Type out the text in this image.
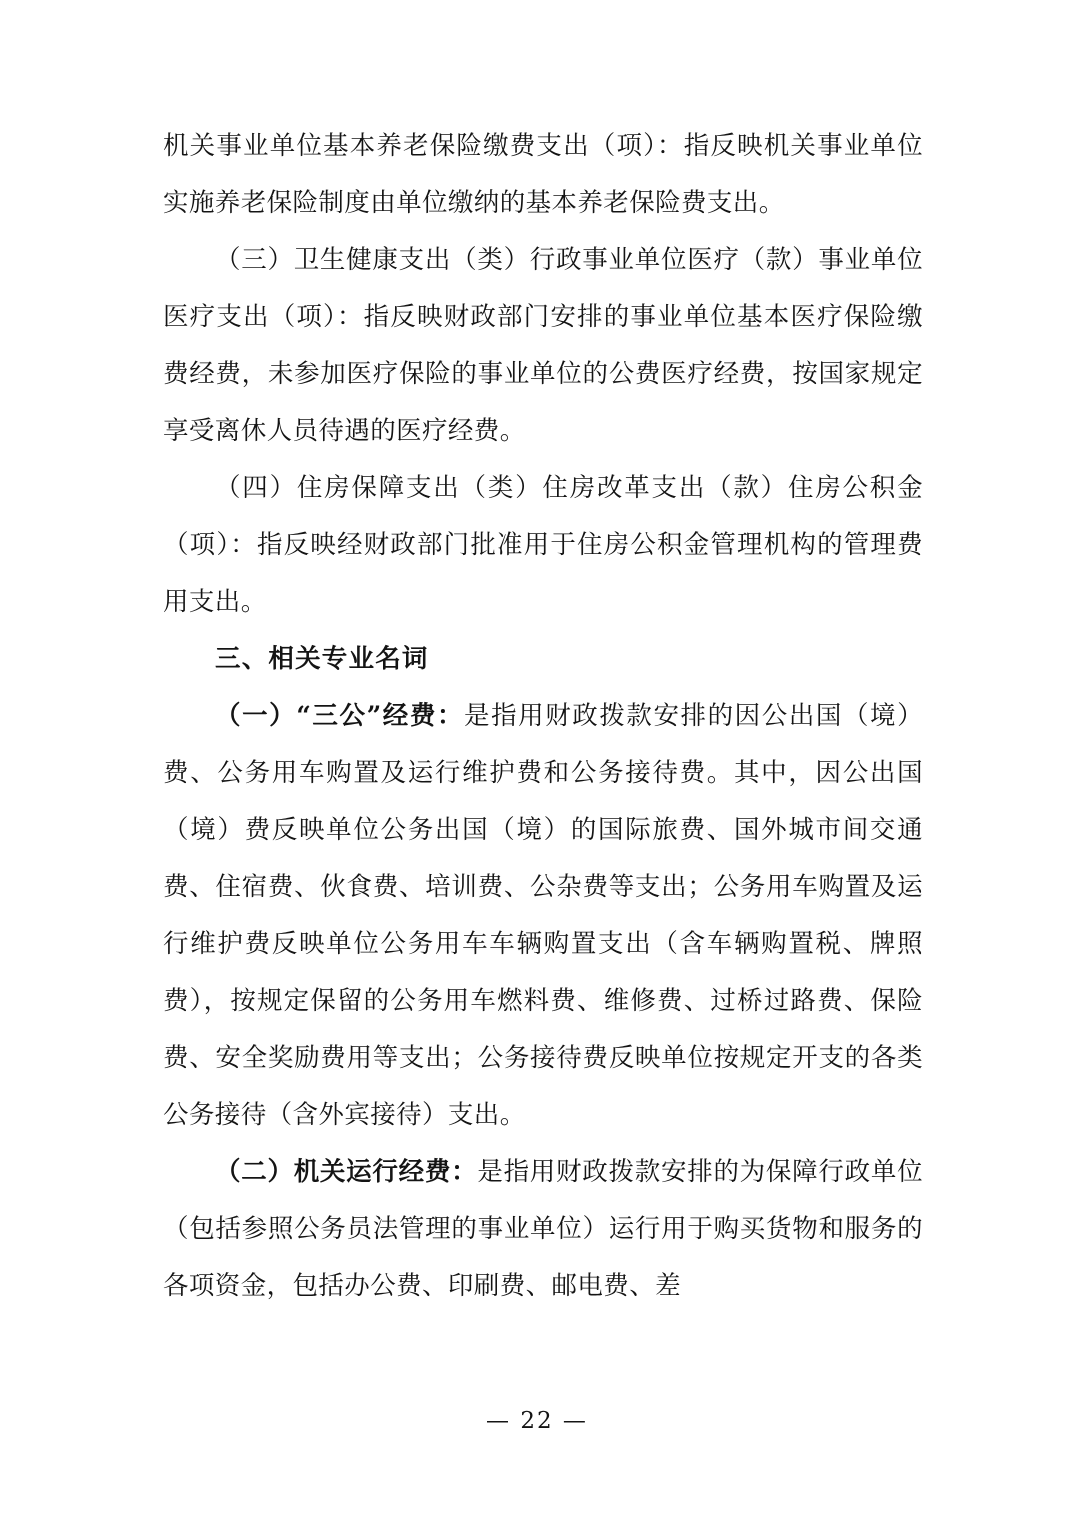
机关事业单位基本养老保险缴费支出（项）：指反映机关事业单位实施养老保险制度由单位缴纳的基本养老保险费支出。

（三）卫生健康支出（类）行政事业单位医疗（款）事业单位医疗支出（项）：指反映财政部门安排的事业单位基本医疗保险缴费经费，未参加医疗保险的事业单位的公费医疗经费，按国家规定享受离休人员待遇的医疗经费。

（四）住房保障支出（类）住房改革支出（款）住房公积金（项）：指反映经财政部门批准用于住房公积金管理机构的管理费用支出。

三、相关专业名词

（一）“三公”经费：是指用财政拨款安排的因公出国（境）费、公务用车购置及运行维护费和公务接待费。其中，因公出国（境）费反映单位公务出国（境）的国际旅费、国外城市间交通费、住宿费、伙食费、培训费、公杂费等支出；公务用车购置及运行维护费反映单位公务用车车辆购置支出（含车辆购置税、牌照费），按规定保留的公务用车燃料费、维修费、过桥过路费、保险费、安全奖励费用等支出；公务接待费反映单位按规定开支的各类公务接待（含外宾接待）支出。

（二）机关运行经费：是指用财政拨款安排的为保障行政单位（包括参照公务员法管理的事业单位）运行用于购买货物和服务的各项资金，包括办公费、印刷费、邮电费、差

— 22 —
